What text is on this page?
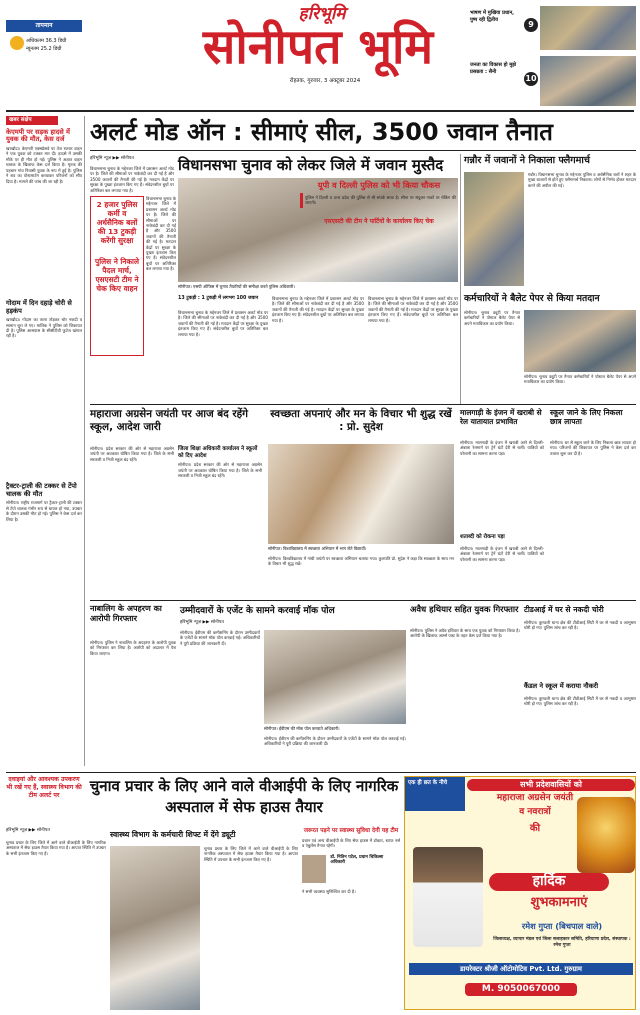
तापमान
अधिकतम 36.3 डिग्री
न्यूनतम 25.2 डिग्री
हरिभूमि
सोनीपत भूमि
रोहतक, गुरुवार, 3 अक्टूबर 2024
भाषण में मुखिया प्रधान, पुष्प रही द्वितीय
9
जनता का विकास हो मुझे प्रसन्नता : सैनी
10
खबर संक्षेप
केएमपी पर सड़क हादसे में युवक की मौत, केस दर्ज
खरखौदा। केएमपी एक्सप्रेसवे पर तेज रफ्तार वाहन ने एक युवक को टक्कर मार दी। हादसे में उसकी मौके पर ही मौत हो गई। पुलिस ने अज्ञात वाहन चालक के खिलाफ केस दर्ज किया है। मृतक की पहचान गांव निवासी युवक के रूप में हुई है। पुलिस ने शव का पोस्टमार्टम करवाकर परिजनों को सौंप दिया है। मामले की जांच की जा रही है।
गोदाम में दिन दहाड़े चोरी से हड़कंप
खरखौदा। गोदाम का ताला तोड़कर चोर नकदी व सामान चुरा ले गए। मालिक ने पुलिस को शिकायत दी है। पुलिस आसपास के सीसीटीवी फुटेज खंगाल रही है।
ट्रैक्टर-ट्राली की टक्कर से टेंपो चालक की मौत
सोनीपत। राष्ट्रीय राजमार्ग पर ट्रैक्टर-ट्राली की टक्कर से टेंपो चालक गंभीर रूप से घायल हो गया, उपचार के दौरान उसकी मौत हो गई। पुलिस ने केस दर्ज कर लिया है।
अलर्ट मोड ऑन : सीमाएं सील, 3500 जवान तैनात
विधानसभा चुनाव को लेकर जिले में जवान मुस्तैद
हरिभूमि न्यूज़ ▶▶ सोनीपत
विधानसभा चुनाव के मद्देनजर जिले में प्रशासन अलर्ट मोड पर है। जिले की सीमाओं पर नाकेबंदी कर दी गई है और 3500 जवानों की तैनाती की गई है। मतदान केंद्रों पर सुरक्षा के पुख्ता इंतजाम किए गए हैं। संवेदनशील बूथों पर अतिरिक्त बल लगाया गया है।
2 हजार पुलिस कर्मी व अर्धसैनिक बलों की 13 टुकड़ी करेंगी सुरक्षा
पुलिस ने निकाले पैदल मार्च, एसएसटी टीम ने चेक किए वाहन
विधानसभा चुनाव के मद्देनजर जिले में प्रशासन अलर्ट मोड पर है। जिले की सीमाओं पर नाकेबंदी कर दी गई है और 3500 जवानों की तैनाती की गई है। मतदान केंद्रों पर सुरक्षा के पुख्ता इंतजाम किए गए हैं। संवेदनशील बूथों पर अतिरिक्त बल लगाया गया है।
सोनीपत। एसपी ऑफिस में चुनाव तैयारियों की समीक्षा करते पुलिस अधिकारी।
13 टुकड़ी : 1 टुकड़ी में लगभग 100 जवान
विधानसभा चुनाव के मद्देनजर जिले में प्रशासन अलर्ट मोड पर है। जिले की सीमाओं पर नाकेबंदी कर दी गई है और 3500 जवानों की तैनाती की गई है। मतदान केंद्रों पर सुरक्षा के पुख्ता इंतजाम किए गए हैं। संवेदनशील बूथों पर अतिरिक्त बल लगाया गया है।
विधानसभा चुनाव के मद्देनजर जिले में प्रशासन अलर्ट मोड पर है। जिले की सीमाओं पर नाकेबंदी कर दी गई है और 3500 जवानों की तैनाती की गई है। मतदान केंद्रों पर सुरक्षा के पुख्ता इंतजाम किए गए हैं। संवेदनशील बूथों पर अतिरिक्त बल लगाया गया है।
विधानसभा चुनाव के मद्देनजर जिले में प्रशासन अलर्ट मोड पर है। जिले की सीमाओं पर नाकेबंदी कर दी गई है और 3500 जवानों की तैनाती की गई है। मतदान केंद्रों पर सुरक्षा के पुख्ता इंतजाम किए गए हैं। संवेदनशील बूथों पर अतिरिक्त बल लगाया गया है।
यूपी व दिल्ली पुलिस को भी किया चौकस
पुलिस ने दिल्ली व उत्तर प्रदेश की पुलिस से भी संपर्क साधा है। सीमा पर संयुक्त नाकों पर चेकिंग की जाएगी।
एसएसटी की टीम ने पार्टियों के कार्यालय किए चेक
गन्नौर में जवानों ने निकाला फ्लैगमार्च
गन्नौर। विधानसभा चुनाव के मद्देनजर पुलिस व अर्धसैनिक बलों ने शहर के मुख्य बाजारों से होते हुए फ्लैगमार्च निकाला। लोगों से निर्भय होकर मतदान करने की अपील की गई।
कर्मचारियों ने बैलेट पेपर से किया मतदान
सोनीपत। चुनाव ड्यूटी पर तैनात कर्मचारियों ने पोस्टल बैलेट पेपर से अपने मताधिकार का प्रयोग किया।
सोनीपत। चुनाव ड्यूटी पर तैनात कर्मचारियों ने पोस्टल बैलेट पेपर से अपने मताधिकार का प्रयोग किया।
महाराजा अग्रसेन जयंती पर आज बंद रहेंगे स्कूल, आदेश जारी
सोनीपत। प्रदेश सरकार की ओर से महाराजा अग्रसेन जयंती पर अवकाश घोषित किया गया है। जिले के सभी सरकारी व निजी स्कूल बंद रहेंगे।
जिला शिक्षा अधिकारी कार्यालय ने स्कूलों को दिए आदेश
सोनीपत। प्रदेश सरकार की ओर से महाराजा अग्रसेन जयंती पर अवकाश घोषित किया गया है। जिले के सभी सरकारी व निजी स्कूल बंद रहेंगे।
स्वच्छता अपनाएं और मन के विचार भी शुद्ध रखें : प्रो. सुदेश
सोनीपत। विश्वविद्यालय में स्वच्छता अभियान में भाग लेते विद्यार्थी।
सोनीपत। विश्वविद्यालय में गांधी जयंती पर स्वच्छता अभियान चलाया गया। कुलपति प्रो. सुदेश ने कहा कि स्वच्छता के साथ मन के विचार भी शुद्ध रखें।
मालगाड़ी के इंजन में खराबी से रेल यातायात प्रभावित
सोनीपत। मालगाड़ी के इंजन में खराबी आने से दिल्ली-अंबाला रेलमार्ग पर ट्रेनें घंटों देरी से चलीं। यात्रियों को परेशानी का सामना करना पड़ा।
शताब्दी को रोकना पड़ा
सोनीपत। मालगाड़ी के इंजन में खराबी आने से दिल्ली-अंबाला रेलमार्ग पर ट्रेनें घंटों देरी से चलीं। यात्रियों को परेशानी का सामना करना पड़ा।
स्कूल जाने के लिए निकला छात्र लापता
सोनीपत। घर से स्कूल जाने के लिए निकला छात्र लापता हो गया। परिजनों की शिकायत पर पुलिस ने केस दर्ज कर तलाश शुरू कर दी है।
नाबालिग के अपहरण का आरोपी गिरफ्तार
सोनीपत। पुलिस ने नाबालिग के अपहरण के आरोपी युवक को गिरफ्तार कर लिया है। आरोपी को अदालत में पेश किया जाएगा।
उम्मीदवारों के एजेंट के सामने करवाई मॉक पोल
हरिभूमि न्यूज़ ▶▶ सोनीपत
सोनीपत। ईवीएम की कमीशनिंग के दौरान उम्मीदवारों के एजेंटों के सामने मॉक पोल करवाई गई। अधिकारियों ने पूरी प्रक्रिया की जानकारी दी।
सोनीपत। ईवीएम की मॉक पोल करवाते अधिकारी।
सोनीपत। ईवीएम की कमीशनिंग के दौरान उम्मीदवारों के एजेंटों के सामने मॉक पोल करवाई गई। अधिकारियों ने पूरी प्रक्रिया की जानकारी दी।
अवैध हथियार सहित युवक गिरफ्तार
सोनीपत। पुलिस ने अवैध हथियार के साथ एक युवक को गिरफ्तार किया है। आरोपी के खिलाफ आर्म्स एक्ट के तहत केस दर्ज किया गया है।
टीडआई में घर से नकदी चोरी
सोनीपत। कुण्डली थाना क्षेत्र की टीडीआई सिटी में घर से नकदी व आभूषण चोरी हो गए। पुलिस जांच कर रही है।
कैंडल ने स्कूल में कराया नौकरी
सोनीपत। कुण्डली थाना क्षेत्र की टीडीआई सिटी में घर से नकदी व आभूषण चोरी हो गए। पुलिस जांच कर रही है।
दवाइयां और आवश्यक उपकरण भी रखें गए हैं, स्वास्थ्य विभाग की टीम अलर्ट पर
चुनाव प्रचार के लिए आने वाले वीआईपी के लिए नागरिक अस्पताल में सेफ हाउस तैयार
हरिभूमि न्यूज़ ▶▶ सोनीपत
चुनाव प्रचार के लिए जिले में आने वाले वीआईपी के लिए नागरिक अस्पताल में सेफ हाउस तैयार किया गया है। आपात स्थिति में उपचार के सभी इंतजाम किए गए हैं।
स्वास्थ्य विभाग के कर्मचारी शिफ्ट में देंगे ड्यूटी
चुनाव प्रचार के लिए जिले में आने वाले वीआईपी के लिए नागरिक अस्पताल में सेफ हाउस तैयार किया गया है। आपात स्थिति में उपचार के सभी इंतजाम किए गए हैं।
जरूरत पड़ने पर स्वास्थ्य सुविधा देगी यह टीम
प्रधान एवं अन्य वीआईपी के लिए सेफ हाउस में डॉक्टर, स्टाफ नर्स व एंबुलेंस तैनात रहेगी।
डॉ. नितिन पटेल, प्रधान चिकित्सा अधिकारी
ने सभी व्यवस्था सुनिश्चित कर दी है।
एक ही छत के नीचे	सभी प्रदेशवासियों को
महाराजा अग्रसेन जयंती
व नवरात्रों
की
हार्दिक
शुभकामनाएं
रमेश गुप्ता (बिचपाल वाले)
जिलाध्यक्ष, व्यापार मंडल एवं जिला सलाहकार समिति, हरियाणा प्रदेश, संस्थापक : रमेश गुप्ता
डायरेक्टर श्रीजी ऑटोमोटिव Pvt. Ltd. गुरुग्राम
M. 9050067000
